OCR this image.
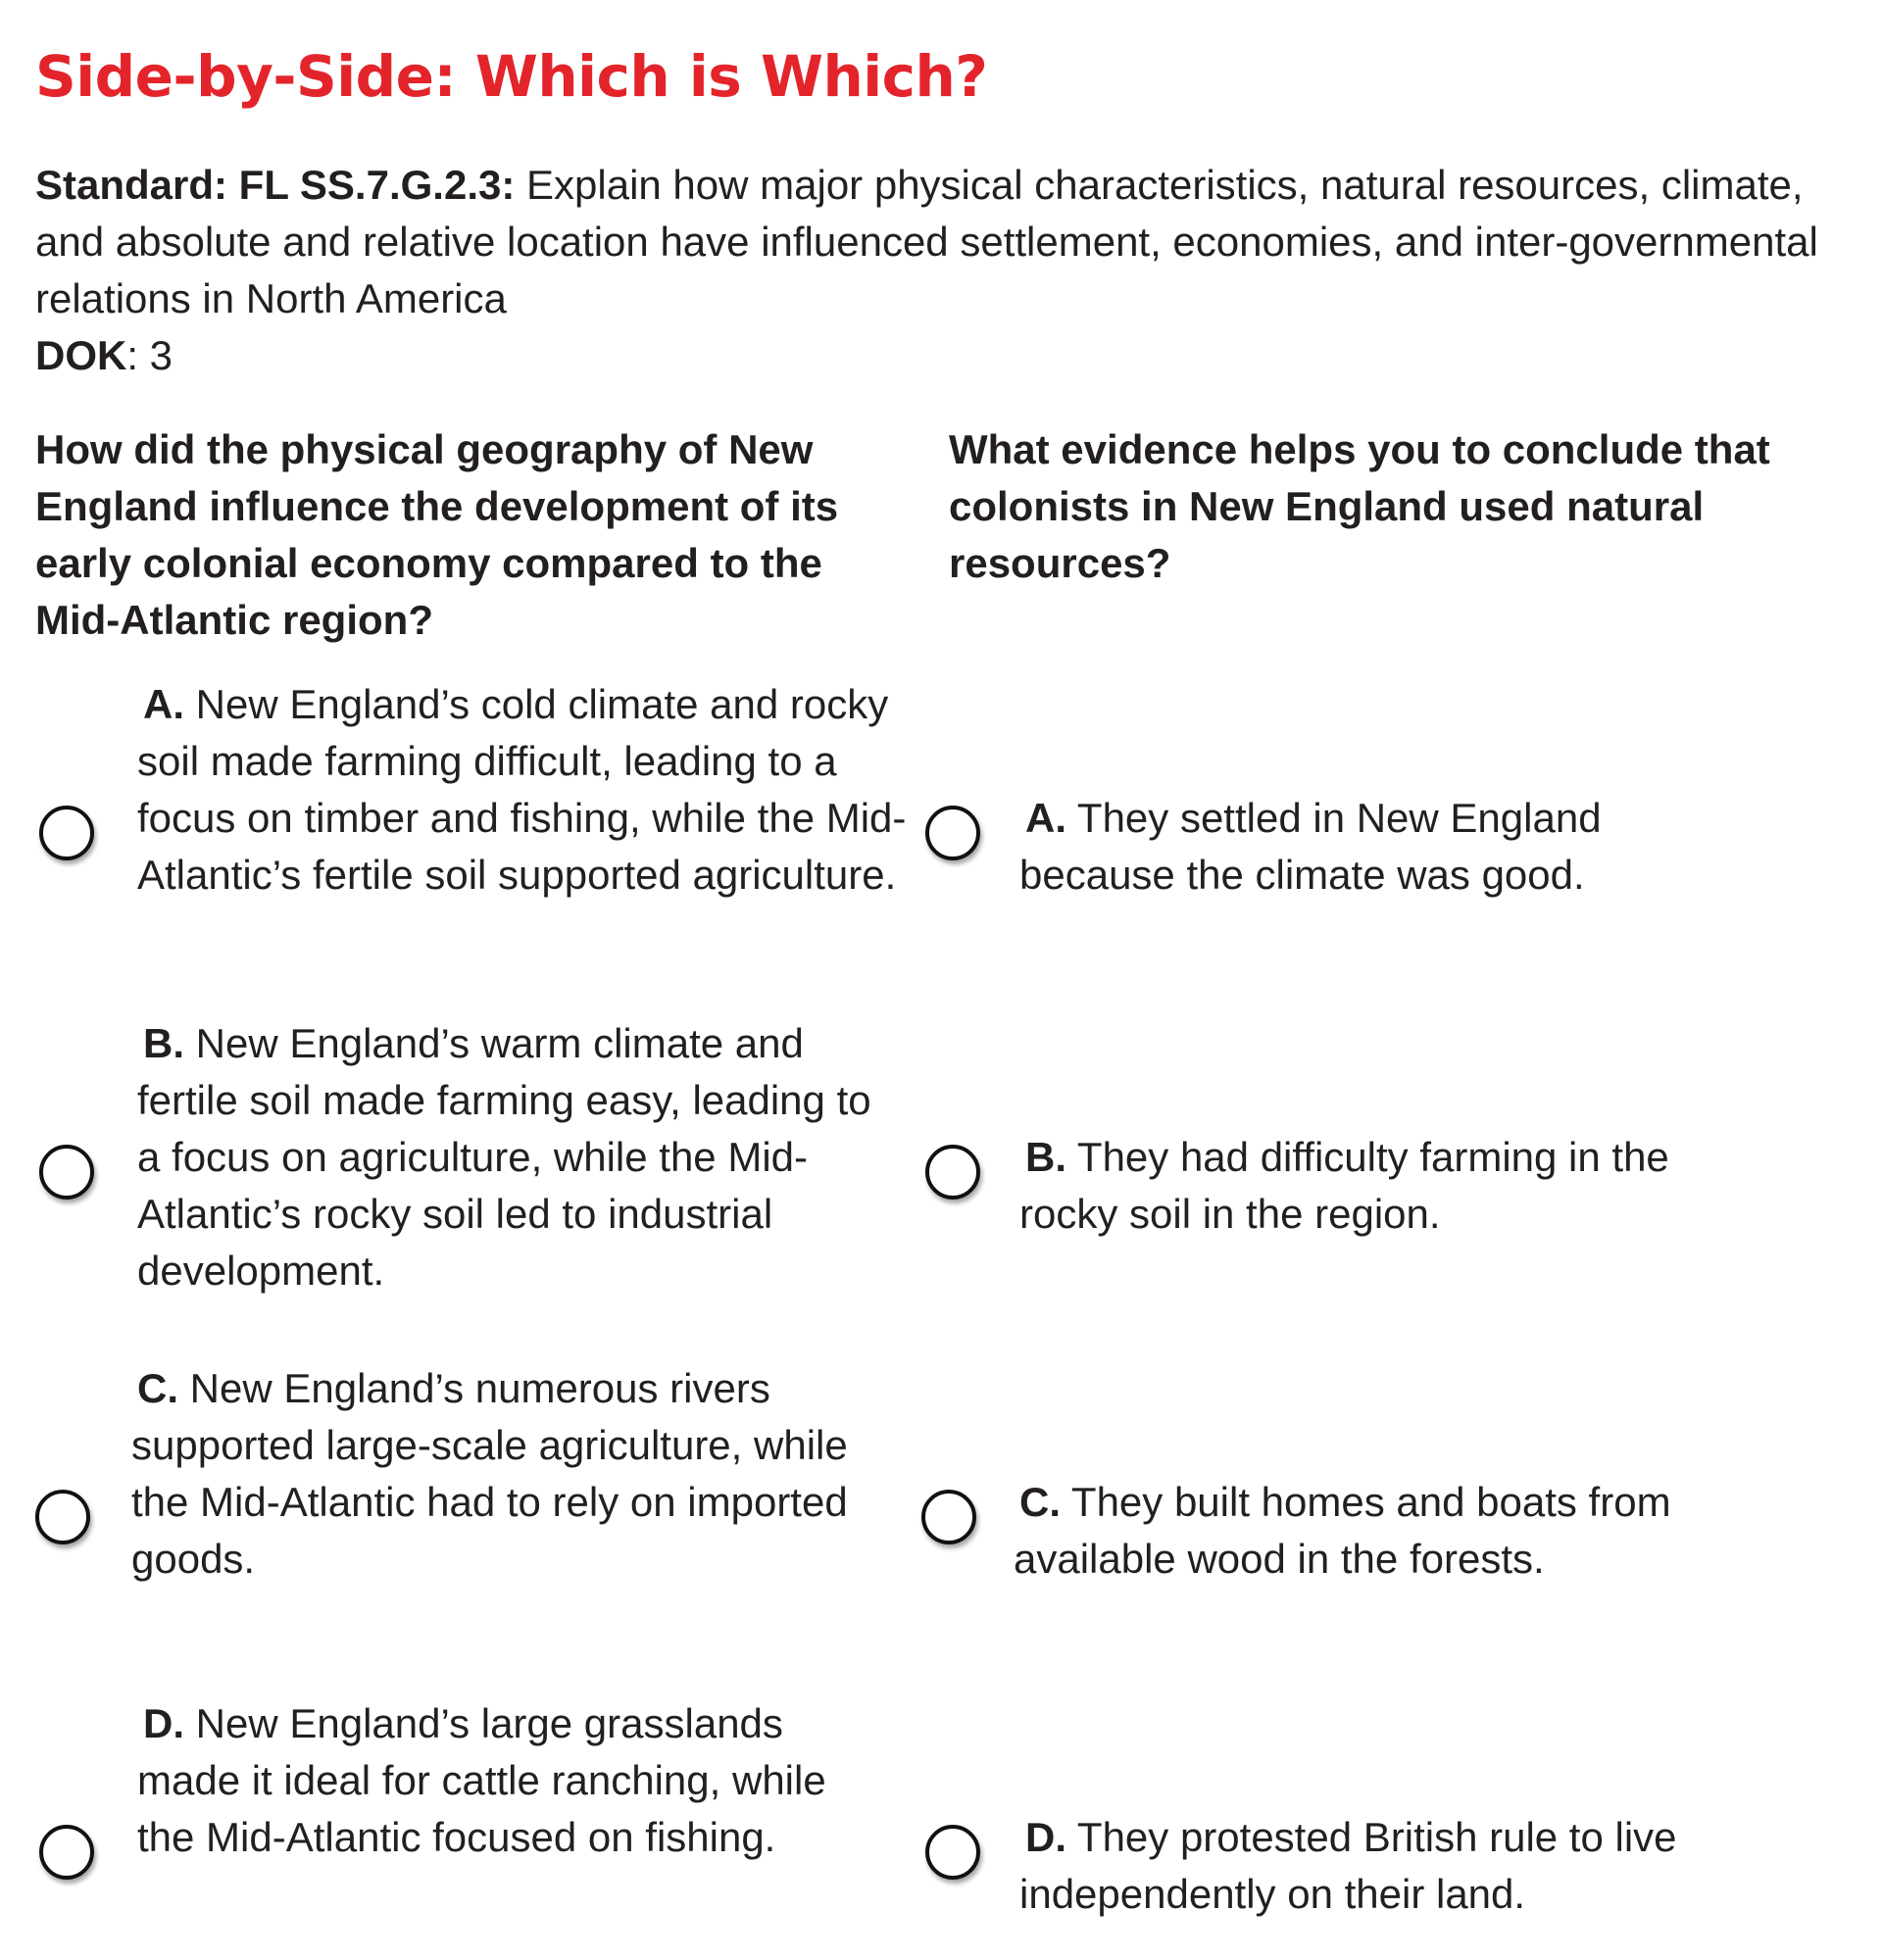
Side-by-Side: Which is Which?

Standard: FL SS.7.G.2.3: Explain how major physical characteristics, natural resources, climate, and absolute and relative location have influenced settlement, economies, and inter-governmental relations in North America

DOK: 3

How did the physical geography of New England influence the development of its early colonial economy compared to the Mid-Atlantic region?

A. New England’s cold climate and rocky soil made farming difficult, leading to a focus on timber and fishing, while the Mid-Atlantic’s fertile soil supported agriculture.
B. New England’s warm climate and fertile soil made farming easy, leading to a focus on agriculture, while the Mid-Atlantic’s rocky soil led to industrial development.
C. New England’s numerous rivers supported large-scale agriculture, while the Mid-Atlantic had to rely on imported goods.
D. New England’s large grasslands made it ideal for cattle ranching, while the Mid-Atlantic focused on fishing.

What evidence helps you to conclude that colonists in New England used natural resources?

A. They settled in New England because the climate was good.
B. They had difficulty farming in the rocky soil in the region.
C. They built homes and boats from available wood in the forests.
D. They protested British rule to live independently on their land.
